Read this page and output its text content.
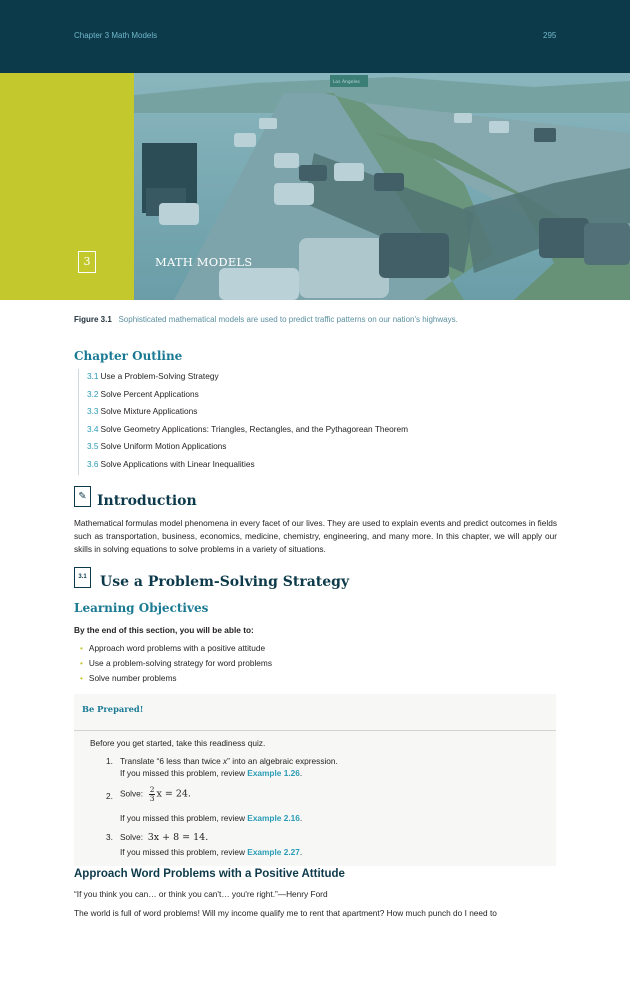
Chapter 3 Math Models	295
Los Angeles
3	MATH MODELS
Figure 3.1 Sophisticated mathematical models are used to predict traffic patterns on our nation's highways.
Chapter Outline
3.1 Use a Problem-Solving Strategy
3.2 Solve Percent Applications
3.3 Solve Mixture Applications
3.4 Solve Geometry Applications: Triangles, Rectangles, and the Pythagorean Theorem
3.5 Solve Uniform Motion Applications
3.6 Solve Applications with Linear Inequalities
✎ Introduction
Mathematical formulas model phenomena in every facet of our lives. They are used to explain events and predict outcomes in fields such as transportation, business, economics, medicine, chemistry, engineering, and many more. In this chapter, we will apply our skills in solving equations to solve problems in a variety of situations.
3.1 Use a Problem-Solving Strategy
Learning Objectives
By the end of this section, you will be able to:
• Approach word problems with a positive attitude
• Use a problem-solving strategy for word problems
• Solve number problems
Be Prepared!
Before you get started, take this readiness quiz.
1. Translate “6 less than twice x” into an algebraic expression.
If you missed this problem, review Example 1.26.
2. Solve: $\frac{2}{3}$ x = 24.
If you missed this problem, review Example 2.16.
3. Solve: 3x + 8 = 14.
If you missed this problem, review Example 2.27.
Approach Word Problems with a Positive Attitude
“If you think you can… or think you can't… you're right.”—Henry Ford
The world is full of word problems! Will my income qualify me to rent that apartment? How much punch do I need to
